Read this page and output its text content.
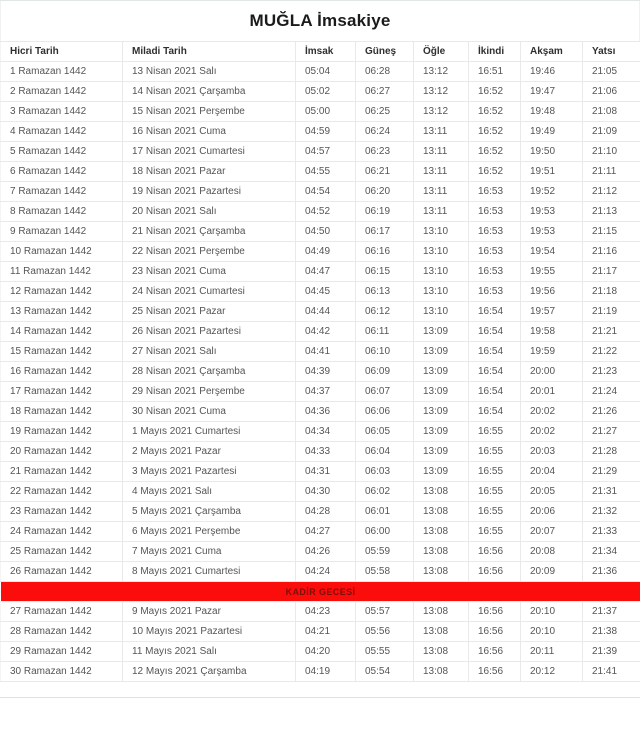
MUĞLA İmsakiye
Hicri Tarih	Miladi Tarih	İmsak	Güneş	Öğle	İkindi	Akşam	Yatsı
1 Ramazan 1442	13 Nisan 2021 Salı	05:04	06:28	13:12	16:51	19:46	21:05
2 Ramazan 1442	14 Nisan 2021 Çarşamba	05:02	06:27	13:12	16:52	19:47	21:06
3 Ramazan 1442	15 Nisan 2021 Perşembe	05:00	06:25	13:12	16:52	19:48	21:08
4 Ramazan 1442	16 Nisan 2021 Cuma	04:59	06:24	13:11	16:52	19:49	21:09
5 Ramazan 1442	17 Nisan 2021 Cumartesi	04:57	06:23	13:11	16:52	19:50	21:10
6 Ramazan 1442	18 Nisan 2021 Pazar	04:55	06:21	13:11	16:52	19:51	21:11
7 Ramazan 1442	19 Nisan 2021 Pazartesi	04:54	06:20	13:11	16:53	19:52	21:12
8 Ramazan 1442	20 Nisan 2021 Salı	04:52	06:19	13:11	16:53	19:53	21:13
9 Ramazan 1442	21 Nisan 2021 Çarşamba	04:50	06:17	13:10	16:53	19:53	21:15
10 Ramazan 1442	22 Nisan 2021 Perşembe	04:49	06:16	13:10	16:53	19:54	21:16
11 Ramazan 1442	23 Nisan 2021 Cuma	04:47	06:15	13:10	16:53	19:55	21:17
12 Ramazan 1442	24 Nisan 2021 Cumartesi	04:45	06:13	13:10	16:53	19:56	21:18
13 Ramazan 1442	25 Nisan 2021 Pazar	04:44	06:12	13:10	16:54	19:57	21:19
14 Ramazan 1442	26 Nisan 2021 Pazartesi	04:42	06:11	13:09	16:54	19:58	21:21
15 Ramazan 1442	27 Nisan 2021 Salı	04:41	06:10	13:09	16:54	19:59	21:22
16 Ramazan 1442	28 Nisan 2021 Çarşamba	04:39	06:09	13:09	16:54	20:00	21:23
17 Ramazan 1442	29 Nisan 2021 Perşembe	04:37	06:07	13:09	16:54	20:01	21:24
18 Ramazan 1442	30 Nisan 2021 Cuma	04:36	06:06	13:09	16:54	20:02	21:26
19 Ramazan 1442	1 Mayıs 2021 Cumartesi	04:34	06:05	13:09	16:55	20:02	21:27
20 Ramazan 1442	2 Mayıs 2021 Pazar	04:33	06:04	13:09	16:55	20:03	21:28
21 Ramazan 1442	3 Mayıs 2021 Pazartesi	04:31	06:03	13:09	16:55	20:04	21:29
22 Ramazan 1442	4 Mayıs 2021 Salı	04:30	06:02	13:08	16:55	20:05	21:31
23 Ramazan 1442	5 Mayıs 2021 Çarşamba	04:28	06:01	13:08	16:55	20:06	21:32
24 Ramazan 1442	6 Mayıs 2021 Perşembe	04:27	06:00	13:08	16:55	20:07	21:33
25 Ramazan 1442	7 Mayıs 2021 Cuma	04:26	05:59	13:08	16:56	20:08	21:34
26 Ramazan 1442	8 Mayıs 2021 Cumartesi	04:24	05:58	13:08	16:56	20:09	21:36
KADİR GECESİ							
27 Ramazan 1442	9 Mayıs 2021 Pazar	04:23	05:57	13:08	16:56	20:10	21:37
28 Ramazan 1442	10 Mayıs 2021 Pazartesi	04:21	05:56	13:08	16:56	20:10	21:38
29 Ramazan 1442	11 Mayıs 2021 Salı	04:20	05:55	13:08	16:56	20:11	21:39
30 Ramazan 1442	12 Mayıs 2021 Çarşamba	04:19	05:54	13:08	16:56	20:12	21:41
